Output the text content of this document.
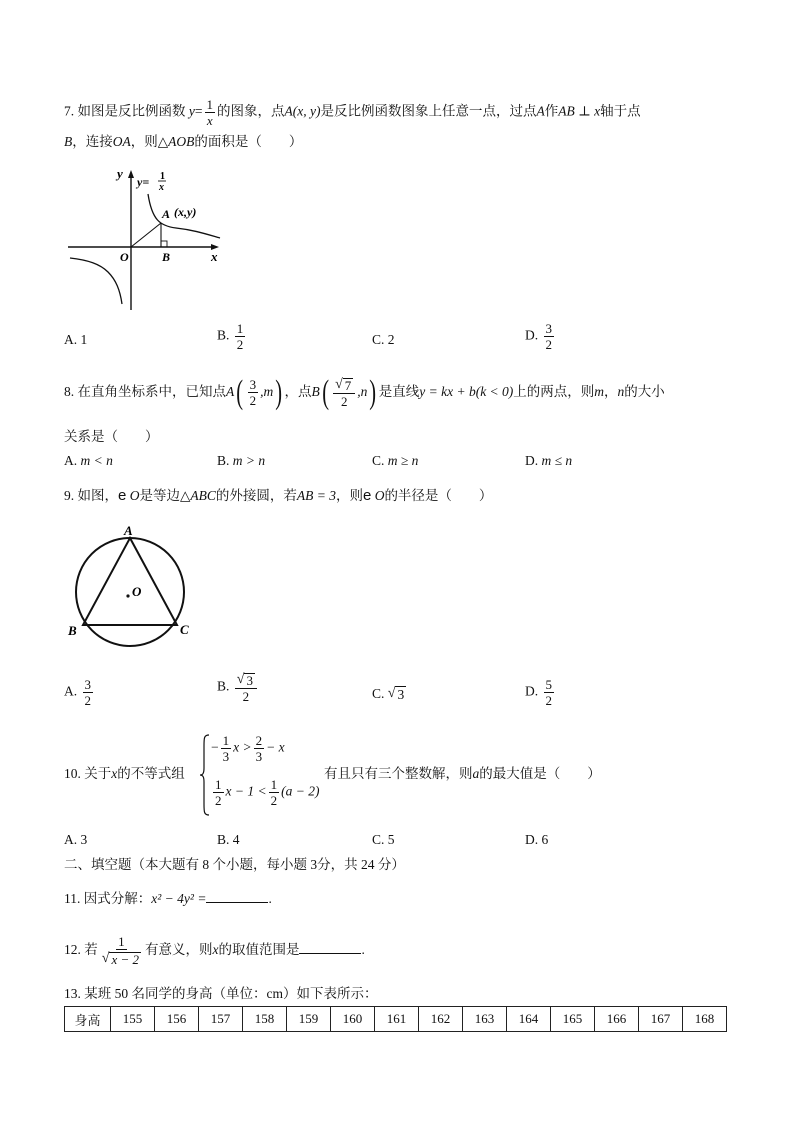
7. 如图是反比例函数 $y= \frac{1}{x}$ 的图象，点A(x, y)是反比例函数图象上任意一点，过点A作AB ⊥ x轴于点
B，连接OA，则△AOB的面积是（　　）
y
y= 1
x
A (x,y)
O	B	x
A. 1	B. $\frac{1}{2}$	C. 2	D. $\frac{3}{2}$
8. 在直角坐标系中，已知点$A( \frac{3}{2} ,m)$ ，点$B( \frac{√ 7}{2} ,n)$ 是直线y = kx + b(k < 0)上的两点，则m，n的大小
关系是（　　）
A. m < n	B. m > n	C. m ≥ n	D. m ≤ n
9. 如图，e O是等边△ABC的外接圆，若AB = 3，则e O的半径是（　　）
A
B	C
O
A. $\frac{3}{2}$	B. $\frac{√ 3}{2}$	C. √ 3	D. $\frac{5}{2}$
10. 关于x的不等式组
− $\frac{1}{3}$ $x > \frac{2}{3} - x$
$\frac{1}{2}$ $x - 1 < \frac{1}{2} (a - 2)$
有且只有三个整数解，则a的最大值是（　　）
A. 3	B. 4	C. 5	D. 6
二、填空题（本大题有 8 个小题，每小题 3分，共 24 分）
11. 因式分解：x² − 4y² =	.
12. 若 $\frac{1}{√ x - 2}$ 有意义，则x的取值范围是	.
13. 某班 50 名同学的身高（单位：cm）如下表所示：
身高	155	156	157	158	159	160	161	162	163	164	165	166	167	168
